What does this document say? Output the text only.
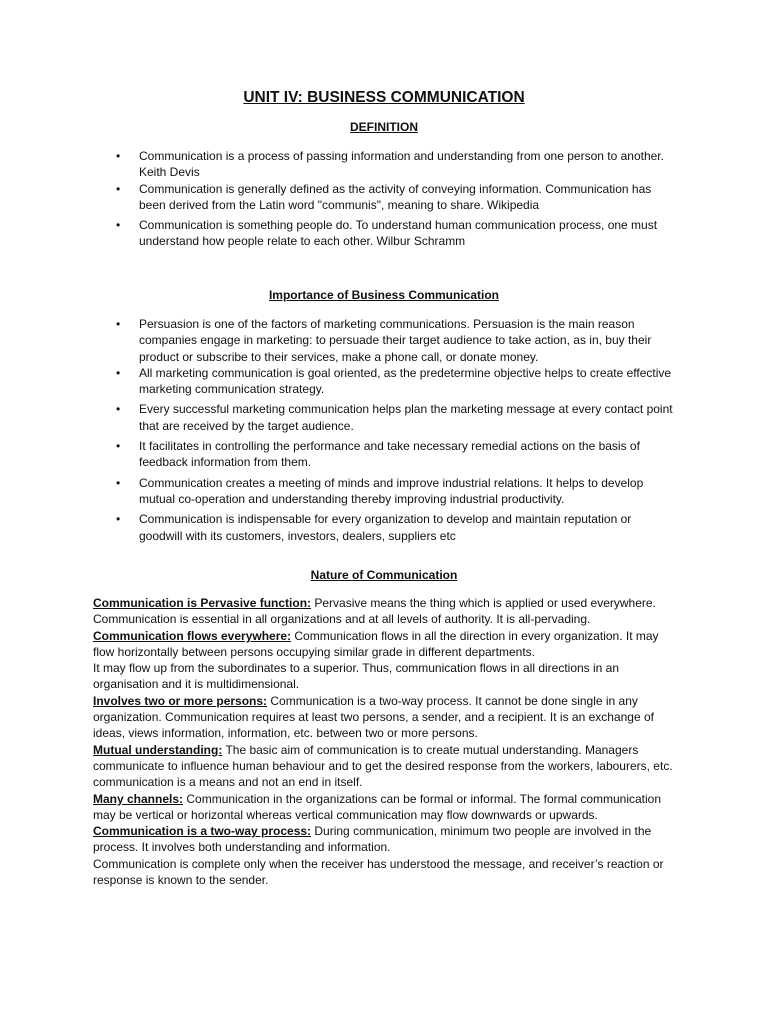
UNIT IV: BUSINESS COMMUNICATION
DEFINITION
• Communication is a process of passing information and understanding from one person to another. Keith Devis
• Communication is generally defined as the activity of conveying information. Communication has been derived from the Latin word "communis", meaning to share. Wikipedia
• Communication is something people do. To understand human communication process, one must understand how people relate to each other. Wilbur Schramm
Importance of Business Communication
• Persuasion is one of the factors of marketing communications. Persuasion is the main reason companies engage in marketing: to persuade their target audience to take action, as in, buy their product or subscribe to their services, make a phone call, or donate money.
• All marketing communication is goal oriented, as the predetermine objective helps to create effective marketing communication strategy.
• Every successful marketing communication helps plan the marketing message at every contact point that are received by the target audience.
• It facilitates in controlling the performance and take necessary remedial actions on the basis of feedback information from them.
• Communication creates a meeting of minds and improve industrial relations. It helps to develop mutual co-operation and understanding thereby improving industrial productivity.
• Communication is indispensable for every organization to develop and maintain reputation or goodwill with its customers, investors, dealers, suppliers etc
Nature of Communication

Communication is Pervasive function: Pervasive means the thing which is applied or used everywhere. Communication is essential in all organizations and at all levels of authority. It is all-pervading.

Communication flows everywhere: Communication flows in all the direction in every organization. It may flow horizontally between persons occupying similar grade in different departments.

It may flow up from the subordinates to a superior. Thus, communication flows in all directions in an organisation and it is multidimensional.

Involves two or more persons: Communication is a two-way process. It cannot be done single in any organization. Communication requires at least two persons, a sender, and a recipient. It is an exchange of ideas, views information, information, etc. between two or more persons.

Mutual understanding: The basic aim of communication is to create mutual understanding. Managers communicate to influence human behaviour and to get the desired response from the workers, labourers, etc. communication is a means and not an end in itself.

Many channels: Communication in the organizations can be formal or informal. The formal communication may be vertical or horizontal whereas vertical communication may flow downwards or upwards.

Communication is a two-way process: During communication, minimum two people are involved in the process. It involves both understanding and information.

Communication is complete only when the receiver has understood the message, and receiver’s reaction or response is known to the sender.
